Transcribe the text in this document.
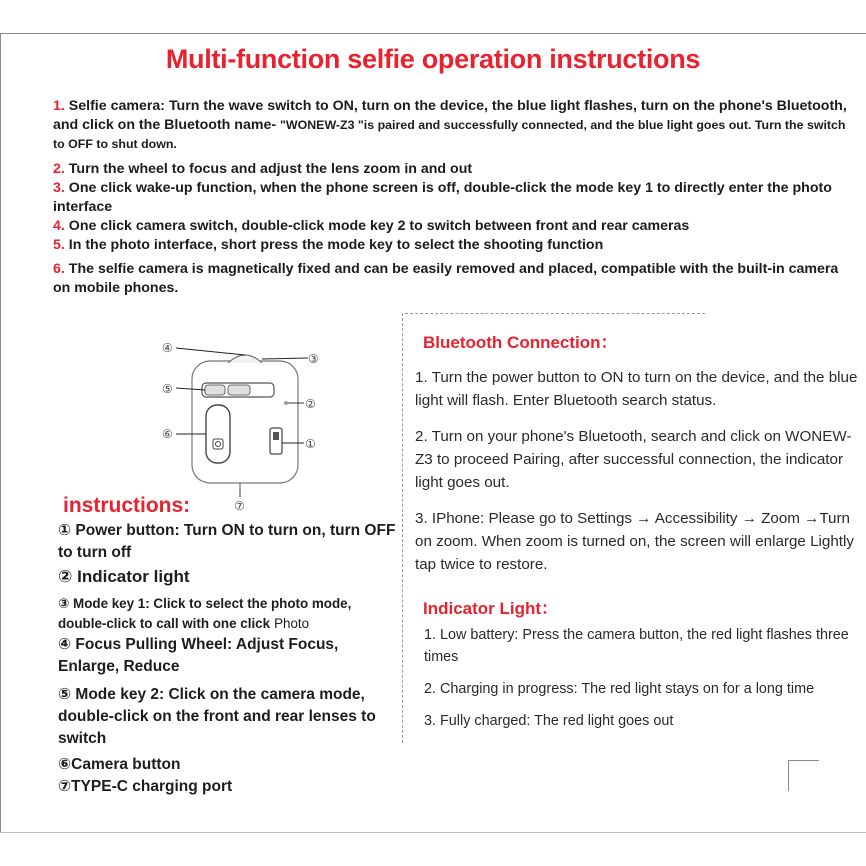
Multi-function selfie operation instructions

1. Selfie camera: Turn the wave switch to ON, turn on the device, the blue light flashes, turn on the phone's Bluetooth, and click on the Bluetooth name- "WONEW-Z3 "is paired and successfully connected, and the blue light goes out. Turn the switch to OFF to shut down.

2. Turn the wheel to focus and adjust the lens zoom in and out

3. One click wake-up function, when the phone screen is off, double-click the mode key 1 to directly enter the photo interface

4. One click camera switch, double-click mode key 2 to switch between front and rear cameras

5. In the photo interface, short press the mode key to select the shooting function

6. The selfie camera is magnetically fixed and can be easily removed and placed, compatible with the built-in camera on mobile phones.

④
③
⑤
②
⑥
①
⑦
instructions:

① Power button: Turn ON to turn on, turn OFF to turn off

② Indicator light

③ Mode key 1: Click to select the photo mode, double-click to call with one click Photo

④ Focus Pulling Wheel: Adjust Focus, Enlarge, Reduce

⑤ Mode key 2: Click on the camera mode, double-click on the front and rear lenses to switch

⑥Camera button

⑦TYPE-C charging port

Bluetooth Connection：

1. Turn the power button to ON to turn on the device, and the blue light will flash. Enter Bluetooth search status.

2. Turn on your phone's Bluetooth, search and click on WONEW-Z3 to proceed Pairing, after successful connection, the indicator light goes out.

3. IPhone: Please go to Settings → Accessibility → Zoom →Turn on zoom. When zoom is turned on, the screen will enlarge Lightly tap twice to restore.

Indicator Light：

1. Low battery: Press the camera button, the red light flashes three times

2. Charging in progress: The red light stays on for a long time

3. Fully charged: The red light goes out
